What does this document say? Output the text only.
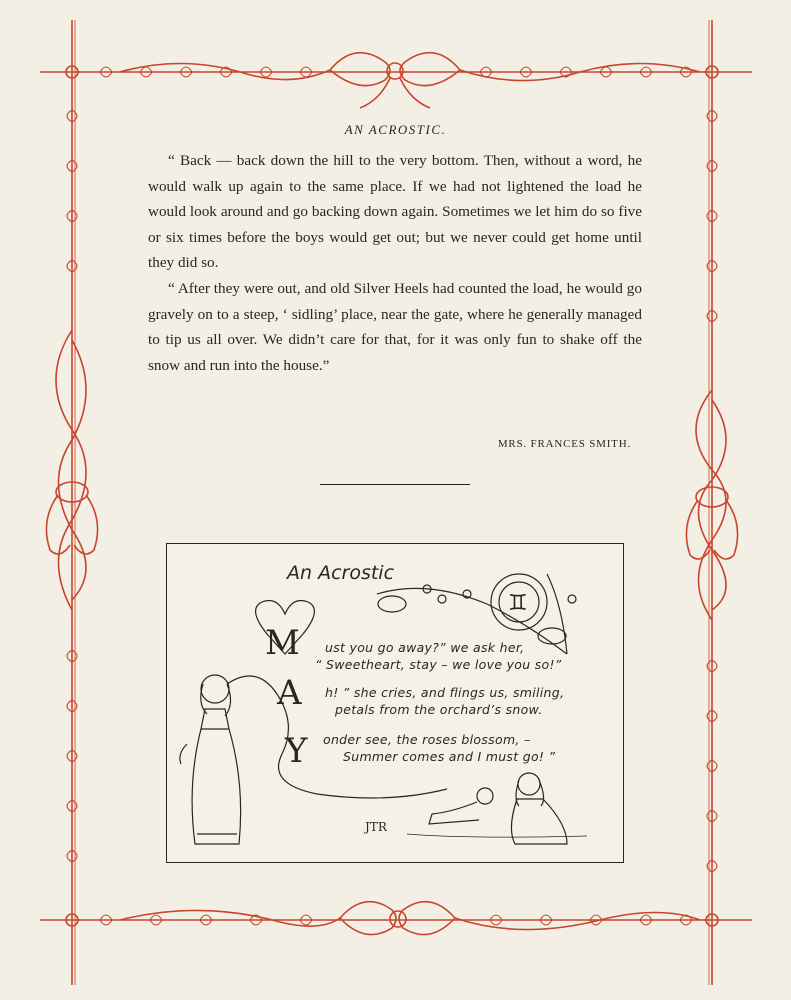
AN ACROSTIC.

“ Back — back down the hill to the very bottom. Then, without a word, he would walk up again to the same place. If we had not lightened the load he would look around and go backing down again. Sometimes we let him do so five or six times before the boys would get out; but we never could get home until they did so.

“ After they were out, and old Silver Heels had counted the load, he would go gravely on to a steep, ‘ sidling’ place, near the gate, where he generally managed to tip us all over. We didn’t care for that, for it was only fun to shake off the snow and run into the house.”

MRS. FRANCES SMITH.
M
A
Y
♊
An Acrostic
ust you go away?” we ask her,
“ Sweetheart, stay – we love you so!”
h! ” she cries, and flings us, smiling,
petals from the orchard’s snow.
onder see, the roses blossom, –
Summer comes and I must go! ”
JTR
